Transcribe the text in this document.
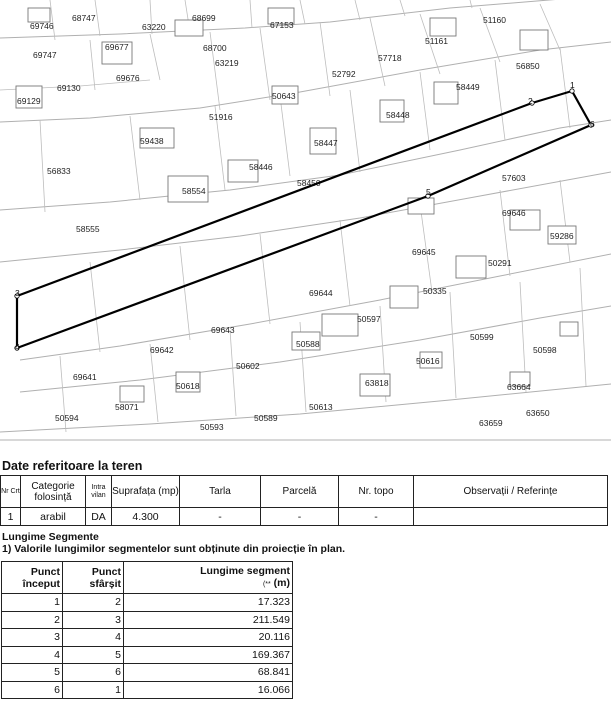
69746
68747
63220
68699
67153	51160
69747
69677	68700
63219	57718
51161
56850
69676
69129
69130
52792
50643
58449
51916	58448
59438	58447
56833	58446
58554
58450	57603
69646
58555
59286
69645
50291
69644	50335
50597
69643
50588
50599
50598
69642
50602	50616
69641
50618	63818	63664
58071	50613
63650
50594
50593
50589	63659
1
2
3
4
5
6
Date referitoare la teren
Nr Crt	Categorie folosință	Intra vilan	Suprafața (mp)	Tarla	Parcelă	Nr. topo	Observații / Referințe
1	arabil	DA	4.300	-	-	-	
Lungime Segmente
1) Valorile lungimilor segmentelor sunt obținute din proiecție în plan.
Punct început	Punct sfârșit	Lungime segment
(** (m)
1	2	17.323
2	3	211.549
3	4	20.116
4	5	169.367
5	6	68.841
6	1	16.066
